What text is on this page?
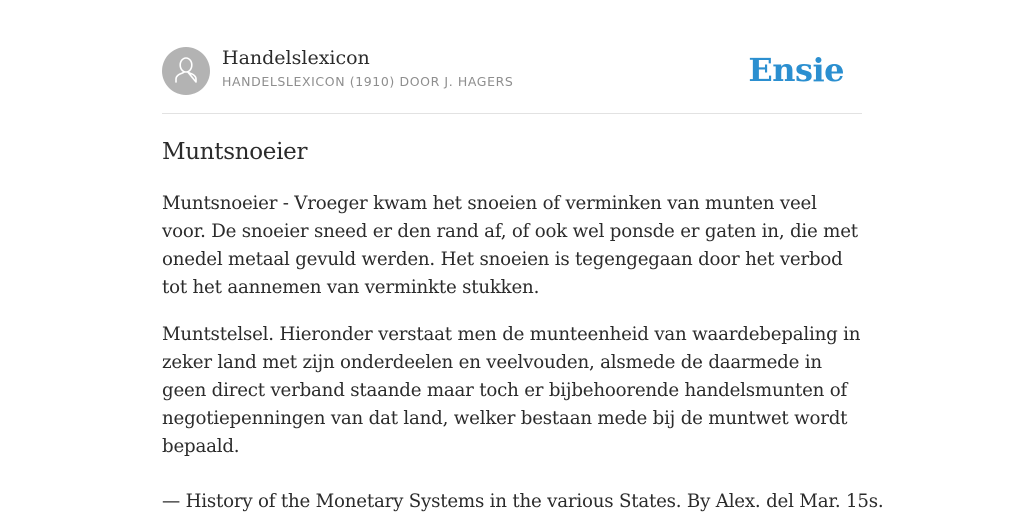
Handelslexicon
HANDELSLEXICON (1910) DOOR J. HAGERS	Ensie
Muntsnoeier

Muntsnoeier - Vroeger kwam het snoeien of verminken van munten veel voor. De snoeier sneed er den rand af, of ook wel ponsde er gaten in, die met onedel metaal gevuld werden. Het snoeien is tegengegaan door het verbod tot het aannemen van verminkte stukken.

Muntstelsel. Hieronder verstaat men de munteenheid van waardebepaling in zeker land met zijn onderdeelen en veelvouden, alsmede de daarmede in geen direct verband staande maar toch er bijbehoorende handelsmunten of negotiepenningen van dat land, welker bestaan mede bij de muntwet wordt bepaald.

— History of the Monetary Systems in the various States. By Alex. del Mar. 15s.
